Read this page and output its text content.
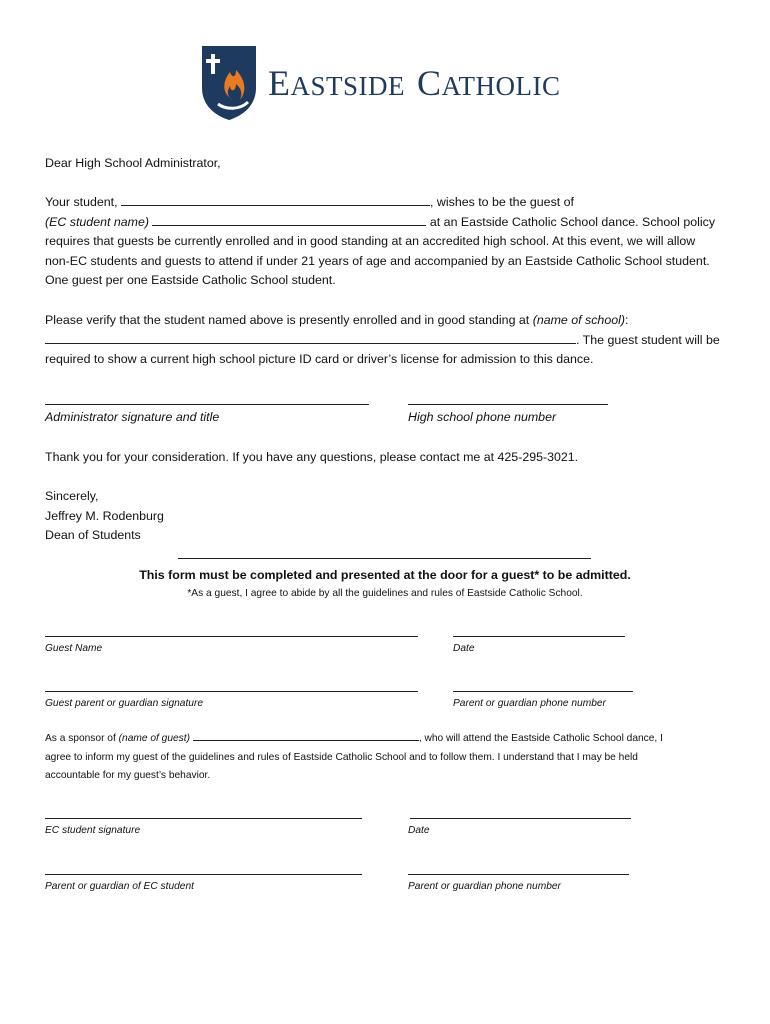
EASTSIDE CATHOLIC
Dear High School Administrator,
Your student,	, wishes to be the guest of
(EC student name)	at an Eastside Catholic School dance. School policy
requires that guests be currently enrolled and in good standing at an accredited high school. At this event, we will allow
non-EC students and guests to attend if under 21 years of age and accompanied by an Eastside Catholic School student.
One guest per one Eastside Catholic School student.
Please verify that the student named above is presently enrolled and in good standing at (name of school):
. The guest student will be
required to show a current high school picture ID card or driver’s license for admission to this dance.
Administrator signature and title	High school phone number
Thank you for your consideration. If you have any questions, please contact me at 425-295-3021.
Sincerely,
Jeffrey M. Rodenburg
Dean of Students
This form must be completed and presented at the door for a guest* to be admitted.
*As a guest, I agree to abide by all the guidelines and rules of Eastside Catholic School.
Guest Name	Date
Guest parent or guardian signature	Parent or guardian phone number
As a sponsor of (name of guest)	, who will attend the Eastside Catholic School dance, I
agree to inform my guest of the guidelines and rules of Eastside Catholic School and to follow them. I understand that I may be held
accountable for my guest’s behavior.
EC student signature	Date
Parent or guardian of EC student	Parent or guardian phone number
